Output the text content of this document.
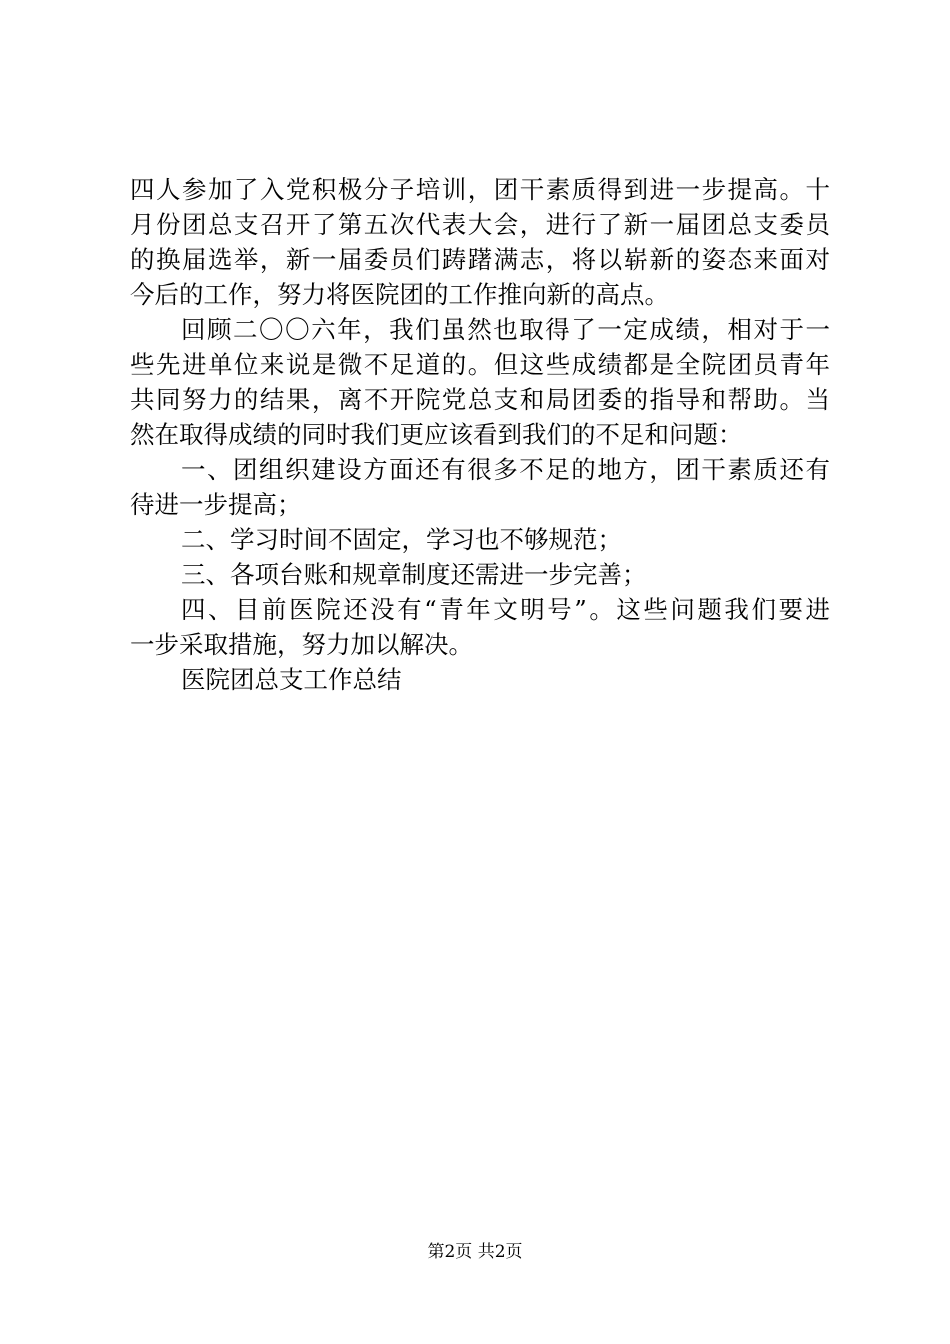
四人参加了入党积极分子培训，团干素质得到进一步提高。十
月份团总支召开了第五次代表大会，进行了新一届团总支委员
的换届选举，新一届委员们踌躇满志，将以崭新的姿态来面对
今后的工作，努力将医院团的工作推向新的高点。
回顾二〇〇六年，我们虽然也取得了一定成绩，相对于一
些先进单位来说是微不足道的。但这些成绩都是全院团员青年
共同努力的结果，离不开院党总支和局团委的指导和帮助。当
然在取得成绩的同时我们更应该看到我们的不足和问题：
一、团组织建设方面还有很多不足的地方，团干素质还有
待进一步提高；
二、学习时间不固定，学习也不够规范；
三、各项台账和规章制度还需进一步完善；
四、目前医院还没有“青年文明号”。这些问题我们要进
一步采取措施，努力加以解决。
医院团总支工作总结
第2页 共2页
